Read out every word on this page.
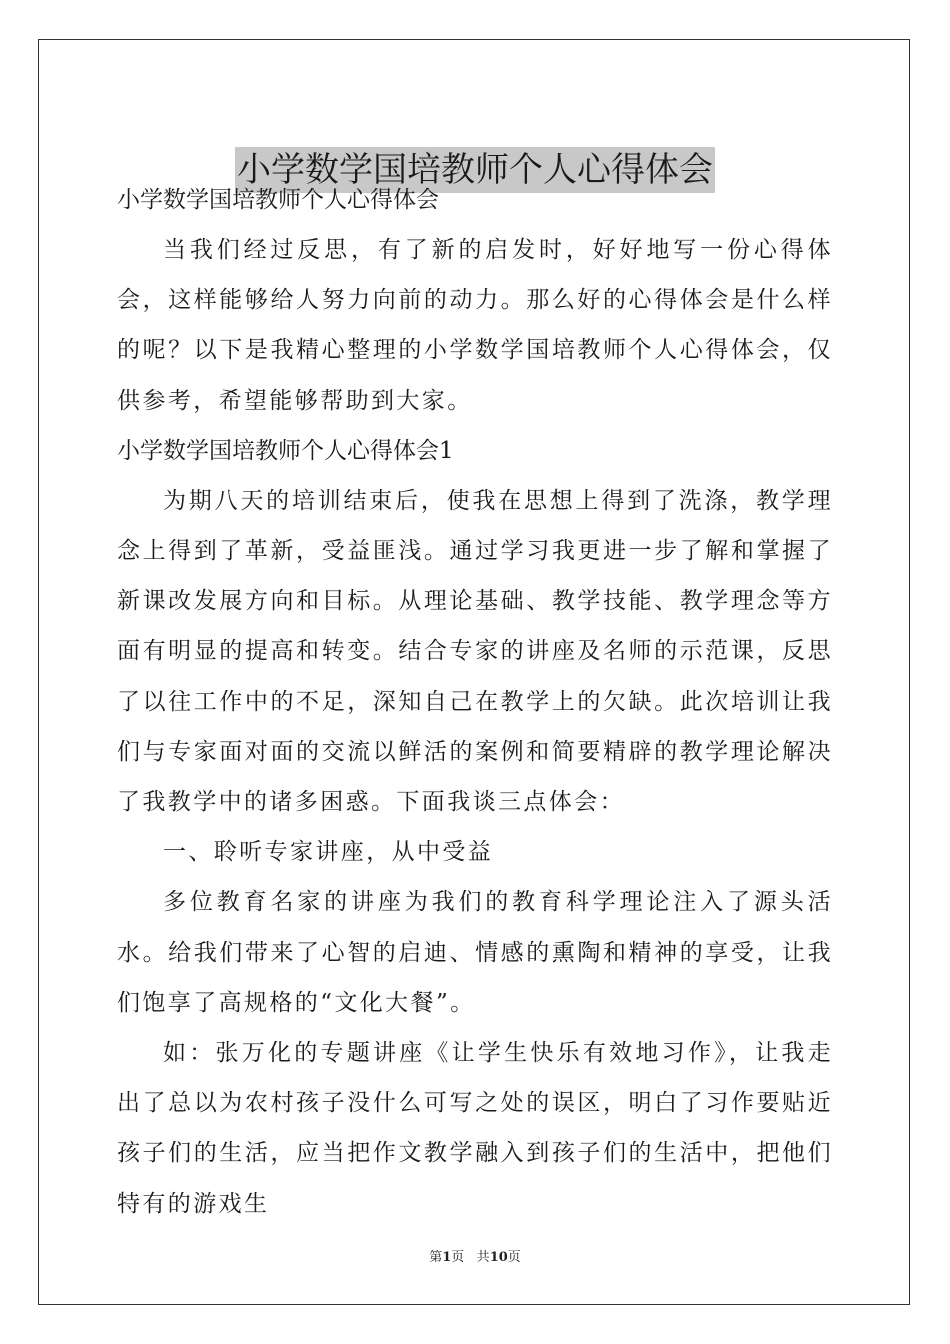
小学数学国培教师个人心得体会

小学数学国培教师个人心得体会

当我们经过反思，有了新的启发时，好好地写一份心得体会，这样能够给人努力向前的动力。那么好的心得体会是什么样的呢？以下是我精心整理的小学数学国培教师个人心得体会，仅供参考，希望能够帮助到大家。

小学数学国培教师个人心得体会1

为期八天的培训结束后，使我在思想上得到了洗涤，教学理念上得到了革新，受益匪浅。通过学习我更进一步了解和掌握了新课改发展方向和目标。从理论基础、教学技能、教学理念等方面有明显的提高和转变。结合专家的讲座及名师的示范课，反思了以往工作中的不足，深知自己在教学上的欠缺。此次培训让我们与专家面对面的交流以鲜活的案例和简要精辟的教学理论解决了我教学中的诸多困惑。下面我谈三点体会：

一、聆听专家讲座，从中受益

多位教育名家的讲座为我们的教育科学理论注入了源头活水。给我们带来了心智的启迪、情感的熏陶和精神的享受，让我们饱享了高规格的“文化大餐”。

如：张万化的专题讲座《让学生快乐有效地习作》，让我走出了总以为农村孩子没什么可写之处的误区，明白了习作要贴近孩子们的生活，应当把作文教学融入到孩子们的生活中，把他们特有的游戏生

第1页 共10页
